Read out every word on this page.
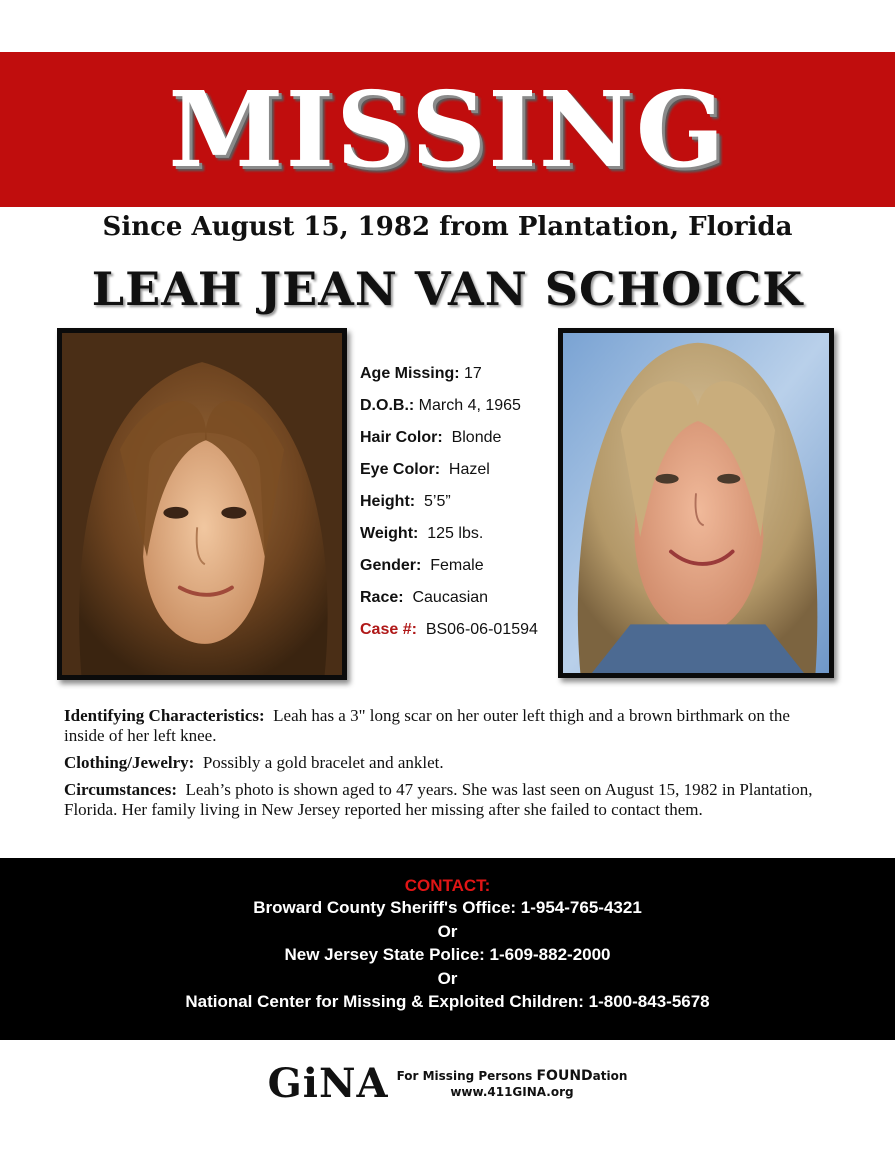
MISSING
Since August 15, 1982 from Plantation, Florida
LEAH JEAN VAN SCHOICK
Age Missing: 17
D.O.B.: March 4, 1965
Hair Color: Blonde
Eye Color: Hazel
Height: 5’5”
Weight: 125 lbs.
Gender: Female
Race: Caucasian
Case #: BS06-06-01594

Identifying Characteristics: Leah has a 3" long scar on her outer left thigh and a brown birthmark on the inside of her left knee.

Clothing/Jewelry: Possibly a gold bracelet and anklet.

Circumstances: Leah’s photo is shown aged to 47 years. She was last seen on August 15, 1982 in Plantation, Florida. Her family living in New Jersey reported her missing after she failed to contact them.

CONTACT:
Broward County Sheriff's Office: 1-954-765-4321
Or
New Jersey State Police: 1-609-882-2000
Or
National Center for Missing & Exploited Children: 1-800-843-5678
GiNA For Missing Persons FOUNDation
www.411GINA.org
